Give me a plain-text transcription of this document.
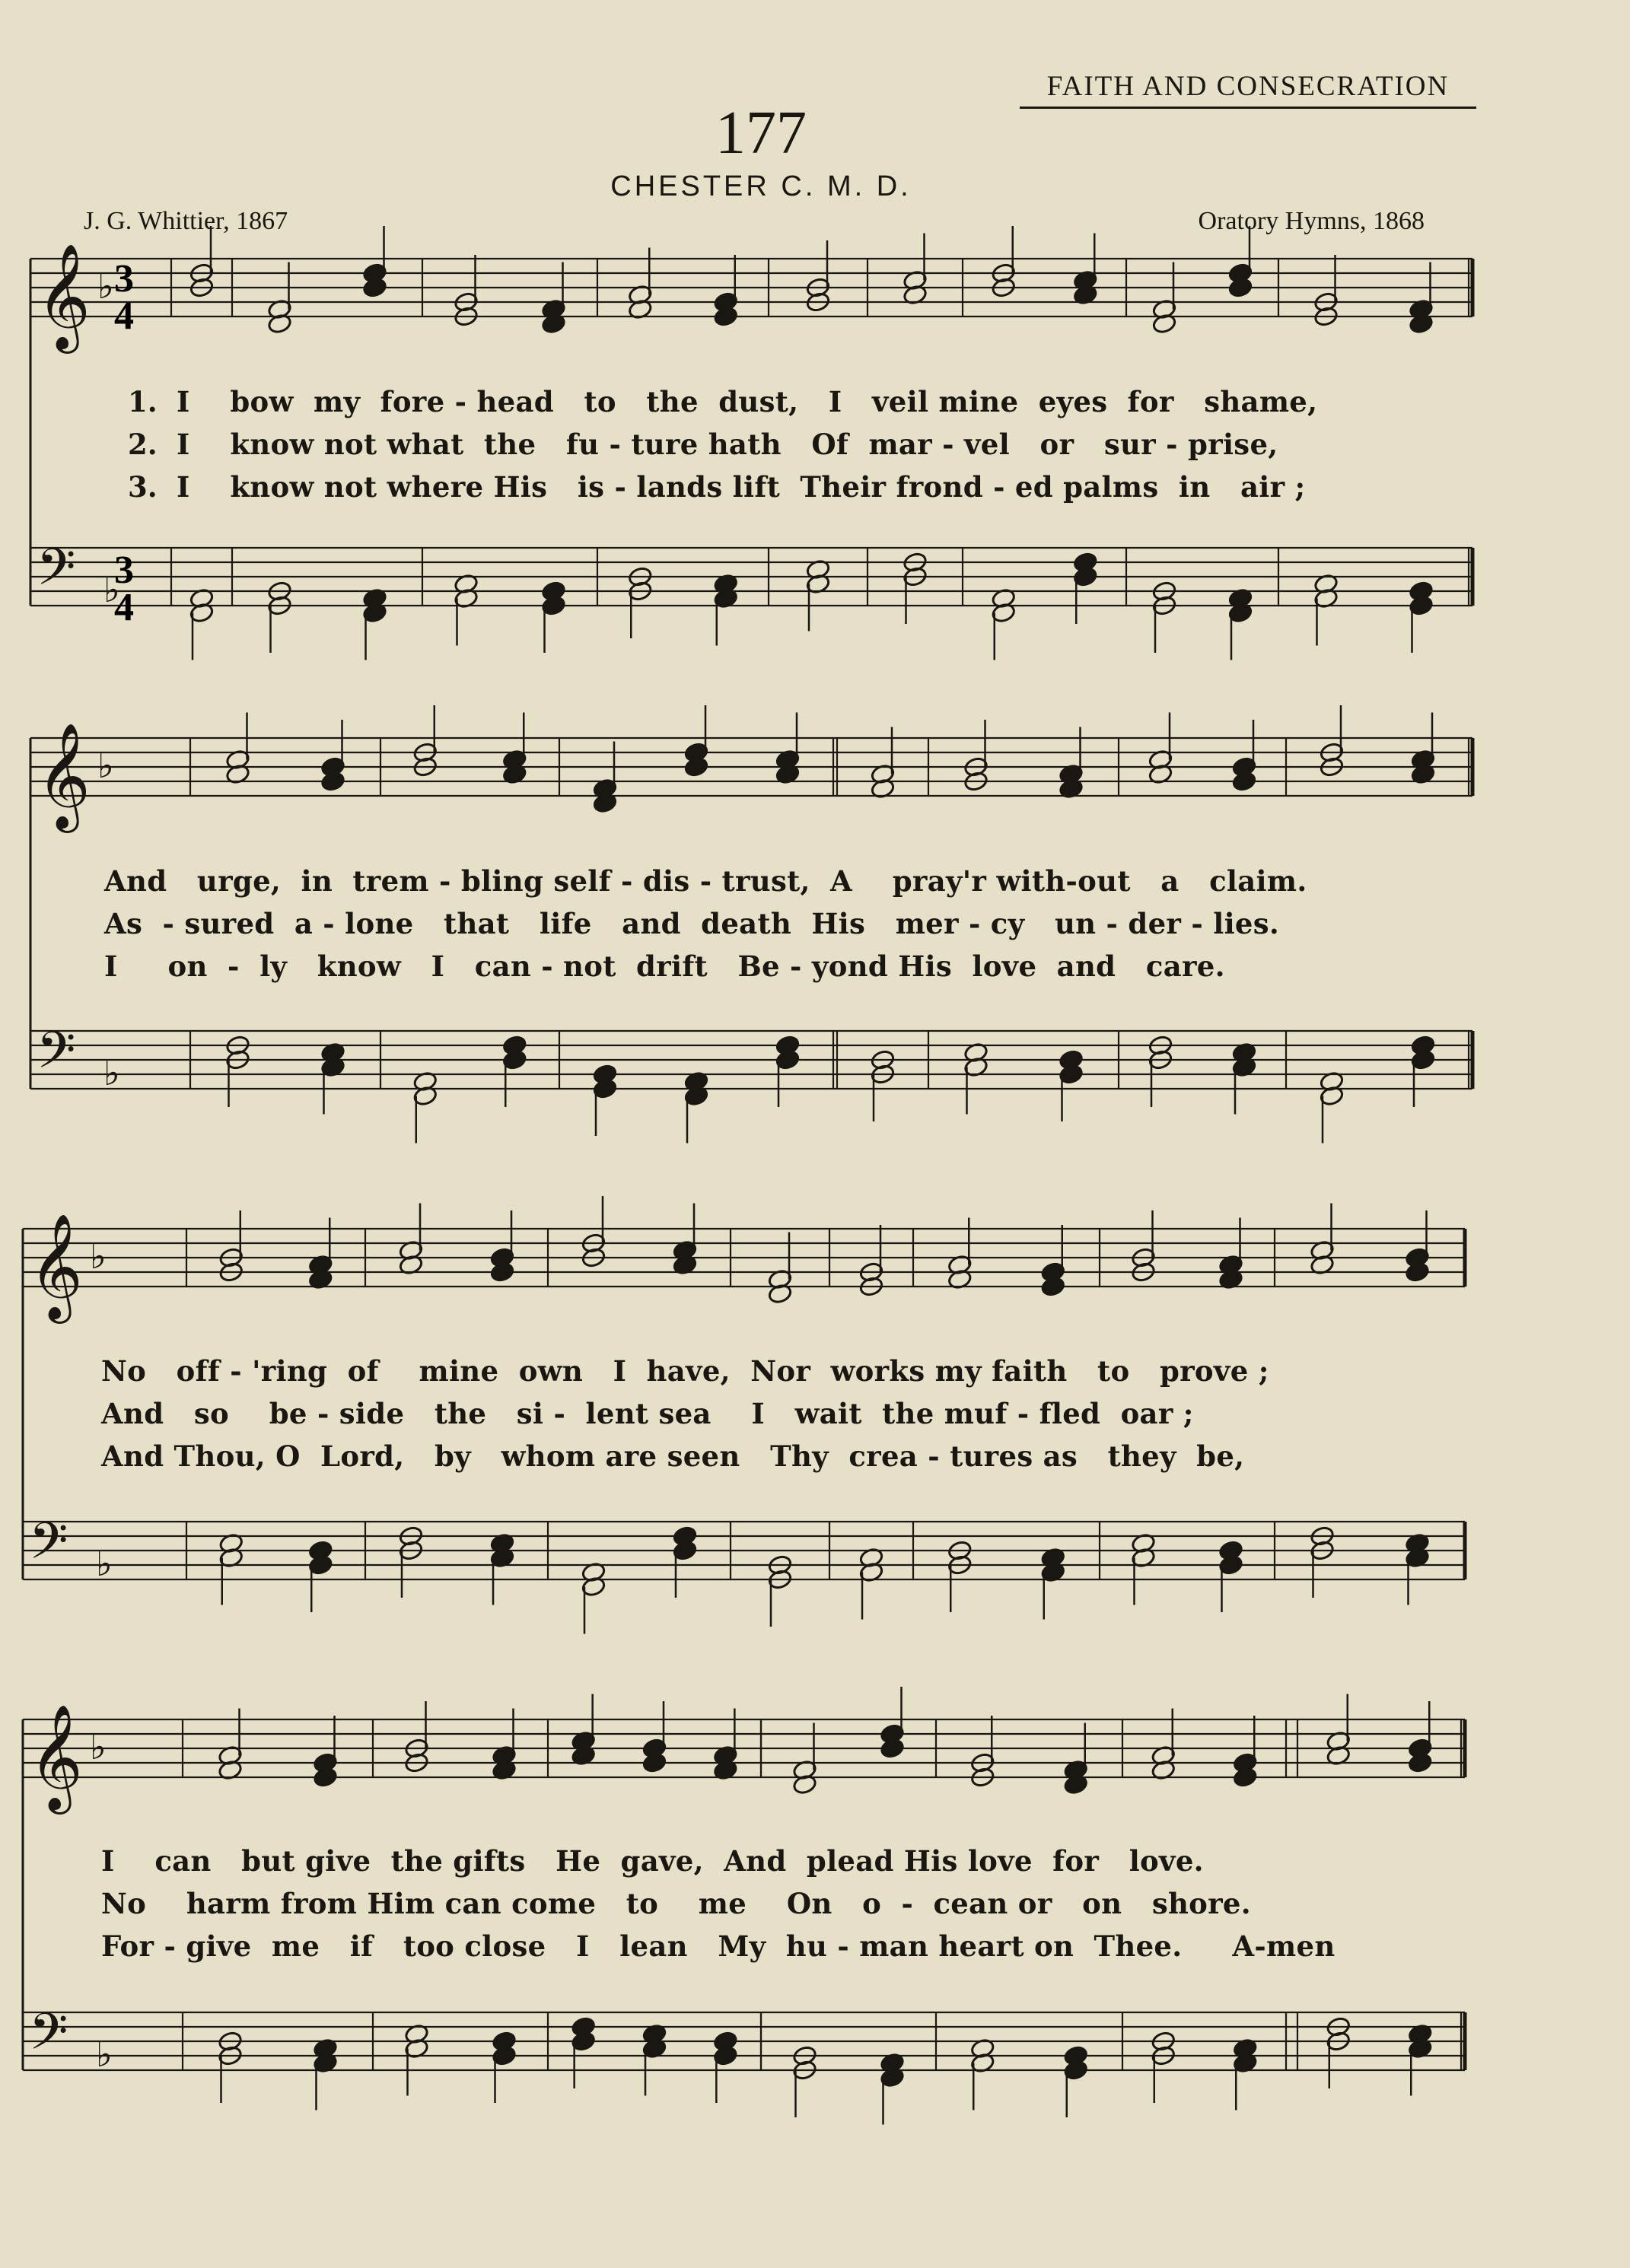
FAITH AND CONSECRATION
177
CHESTER C. M. D.
J. G. Whittier, 1867	Oratory Hymns, 1868
𝄞 ♭
𝄢 ♭
𝄞 ♭
𝄢 ♭
𝄞 ♭
𝄢 ♭
𝄞 ♭
𝄢 ♭
3
4
3
4
1.
2.
3.
I    bow  my  fore - head   to   the  dust,   I   veil mine  eyes  for   shame,
I    know not what  the   fu - ture hath   Of  mar - vel   or   sur - prise,
I    know not where His   is - lands lift  Their frond - ed palms  in   air ;
And   urge,  in  trem - bling self - dis - trust,  A    pray'r with-out   a   claim.
As  - sured  a - lone   that   life   and  death  His   mer - cy   un - der - lies.
I     on  -  ly   know   I   can - not  drift   Be - yond His  love  and   care.
No   off - 'ring  of    mine  own   I  have,  Nor  works my faith   to   prove ;
And   so    be - side   the   si -  lent sea    I   wait  the muf - fled  oar ;
And Thou, O  Lord,   by   whom are seen   Thy  crea - tures as   they  be,
I    can   but give  the gifts   He  gave,  And  plead His love  for   love.
No    harm from Him can come   to    me    On   o  -  cean or   on   shore.
For - give  me   if   too close   I   lean   My  hu - man heart on  Thee.     A-men
